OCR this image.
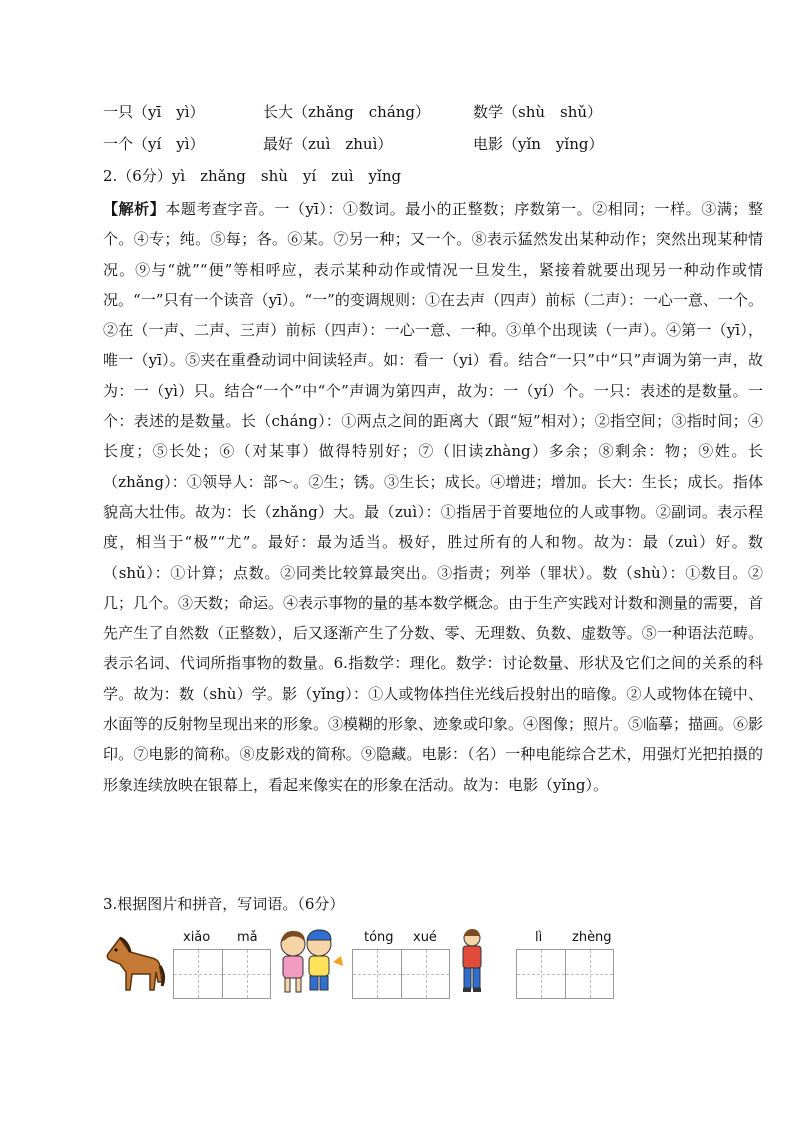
一只（yī　yì）	长大（zhǎng　cháng）	数学（shù　shǔ）
一个（yí　yì）	最好（zuì　zhuì）	电影（yǐn　yǐng）
2.（6分）yì　zhǎng　shù　yí　zuì　yǐng
【解析】本题考查字音。一（yī）：①数词。最小的正整数；序数第一。②相同；一样。③满；整个。④专；纯。⑤每；各。⑥某。⑦另一种；又一个。⑧表示猛然发出某种动作；突然出现某种情况。⑨与“就”“便”等相呼应，表示某种动作或情况一旦发生，紧接着就要出现另一种动作或情况。“一”只有一个读音（yī）。“一”的变调规则：①在去声（四声）前标（二声）：一心一意、一个。②在（一声、二声、三声）前标（四声）：一心一意、一种。③单个出现读（一声）。④第一（yī），唯一（yī）。⑤夹在重叠动词中间读轻声。如：看一（yi）看。结合“一只”中“只”声调为第一声，故为：一（yì）只。结合“一个”中“个”声调为第四声，故为：一（yí）个。一只：表述的是数量。一个：表述的是数量。长（cháng）：①两点之间的距离大（跟“短”相对）；②指空间；③指时间；④长度；⑤长处；⑥（对某事）做得特别好；⑦（旧读zhàng）多余；⑧剩余：物；⑨姓。长（zhǎng）：①领导人：部～。②生；锈。③生长；成长。④增进；增加。长大：生长；成长。指体貌高大壮伟。故为：长（zhǎng）大。最（zuì）：①指居于首要地位的人或事物。②副词。表示程度，相当于“极”“尤”。最好：最为适当。极好，胜过所有的人和物。故为：最（zuì）好。数（shǔ）：①计算；点数。②同类比较算最突出。③指责；列举（罪状）。数（shù）：①数目。②几；几个。③天数；命运。④表示事物的量的基本数学概念。由于生产实践对计数和测量的需要，首先产生了自然数（正整数），后又逐渐产生了分数、零、无理数、负数、虚数等。⑤一种语法范畴。表示名词、代词所指事物的数量。6.指数学：理化。数学：讨论数量、形状及它们之间的关系的科学。故为：数（shù）学。影（yǐng）：①人或物体挡住光线后投射出的暗像。②人或物体在镜中、水面等的反射物呈现出来的形象。③模糊的形象、迹象或印象。④图像；照片。⑤临摹；描画。⑥影印。⑦电影的简称。⑧皮影戏的简称。⑨隐藏。电影：（名）一种电能综合艺术，用强灯光把拍摄的形象连续放映在银幕上，看起来像实在的形象在活动。故为：电影（yǐng）。
3.根据图片和拼音，写词语。（6分）
xiǎo mǎ	tóng xué	lì zhèng
